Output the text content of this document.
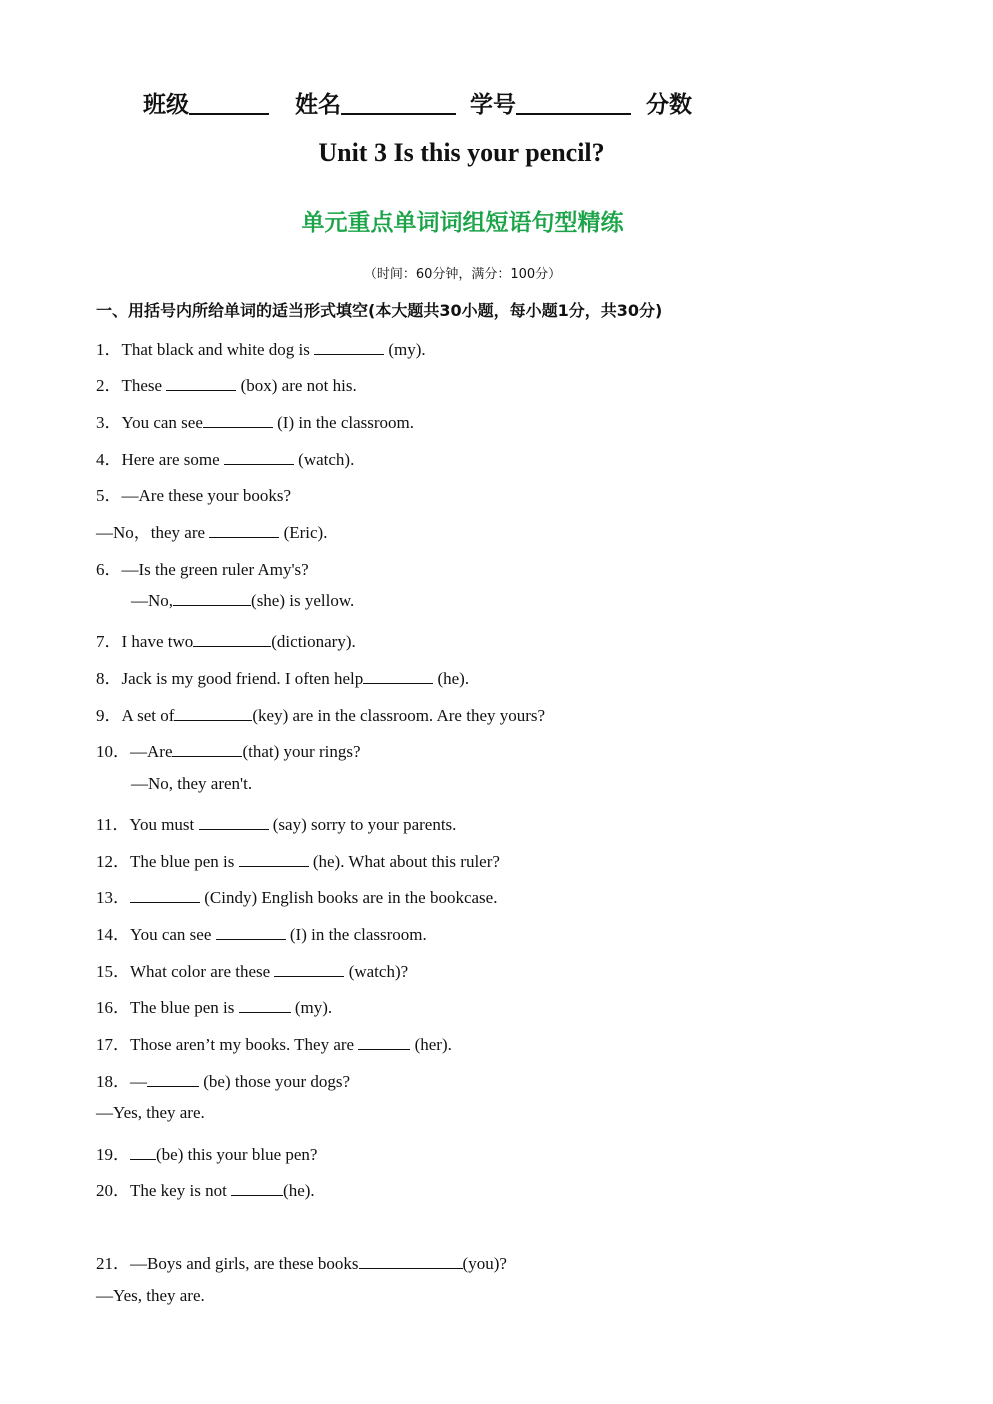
班级	姓名	学号	分数
Unit 3 Is this your pencil?
单元重点单词词组短语句型精练
（时间：60分钟，满分：100分）
一、用括号内所给单词的适当形式填空(本大题共30小题，每小题1分，共30分)
1．That black and white dog is	(my).
2．These	(box) are not his.
3．You can see	(I) in the classroom.
4．Here are some	(watch).
5．—Are these your books?
—No，they are	(Eric).
6．—Is the green ruler Amy's?
—No,	(she) is yellow.
7．I have two	(dictionary).
8．Jack is my good friend. I often help	(he).
9．A set of	(key) are in the classroom. Are they yours?
10．—Are	(that) your rings?
—No, they aren't.
11．You must	(say) sorry to your parents.
12．The blue pen is	(he). What about this ruler?
13．	(Cindy) English books are in the bookcase.
14．You can see	(I) in the classroom.
15．What color are these	(watch)?
16．The blue pen is	(my).
17．Those aren’t my books. They are	(her).
18．—	(be) those your dogs?
—Yes, they are.
19． (be) this your blue pen?
20．The key is not	(he).
21．—Boys and girls, are these books	(you)?
—Yes, they are.
